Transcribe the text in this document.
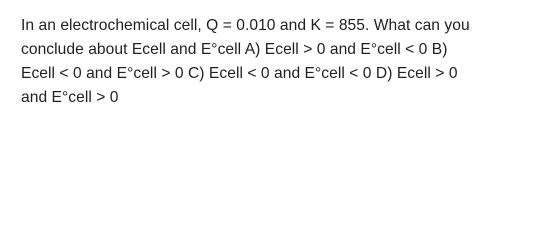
In an electrochemical cell, Q = 0.010 and K = 855. What can you
conclude about Ecell and E°cell A) Ecell > 0 and E°cell < 0 B)
Ecell < 0 and E°cell > 0 C) Ecell < 0 and E°cell < 0 D) Ecell > 0
and E°cell > 0
